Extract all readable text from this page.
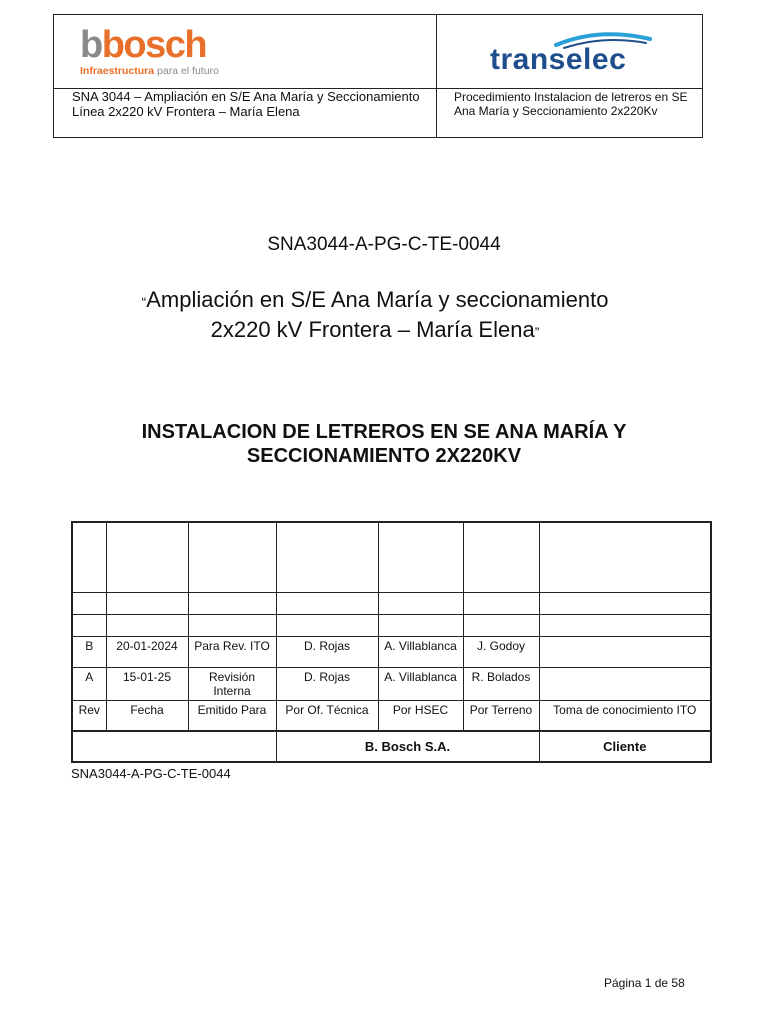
bbosch
Infraestructura para el futuro	transelec
SNA 3044 – Ampliación en S/E Ana María y Seccionamiento Línea 2x220 kV Frontera – María Elena
Procedimiento Instalacion de letreros en SE Ana María y Seccionamiento 2x220Kv
SNA3044-A-PG-C-TE-0044
“Ampliación en S/E Ana María y seccionamiento 2x220 kV Frontera – María Elena”
INSTALACION DE LETREROS EN SE ANA MARÍA Y SECCIONAMIENTO 2X220KV

B	20-01-2024	Para Rev. ITO	D. Rojas	A. Villablanca	J. Godoy	
A	15-01-25	Revisión Interna	D. Rojas	A. Villablanca	R. Bolados	
Rev	Fecha	Emitido Para	Por Of. Técnica	Por HSEC	Por Terreno	Toma de conocimiento ITO
			B. Bosch S.A.			Cliente
SNA3044-A-PG-C-TE-0044
Página 1 de 58
